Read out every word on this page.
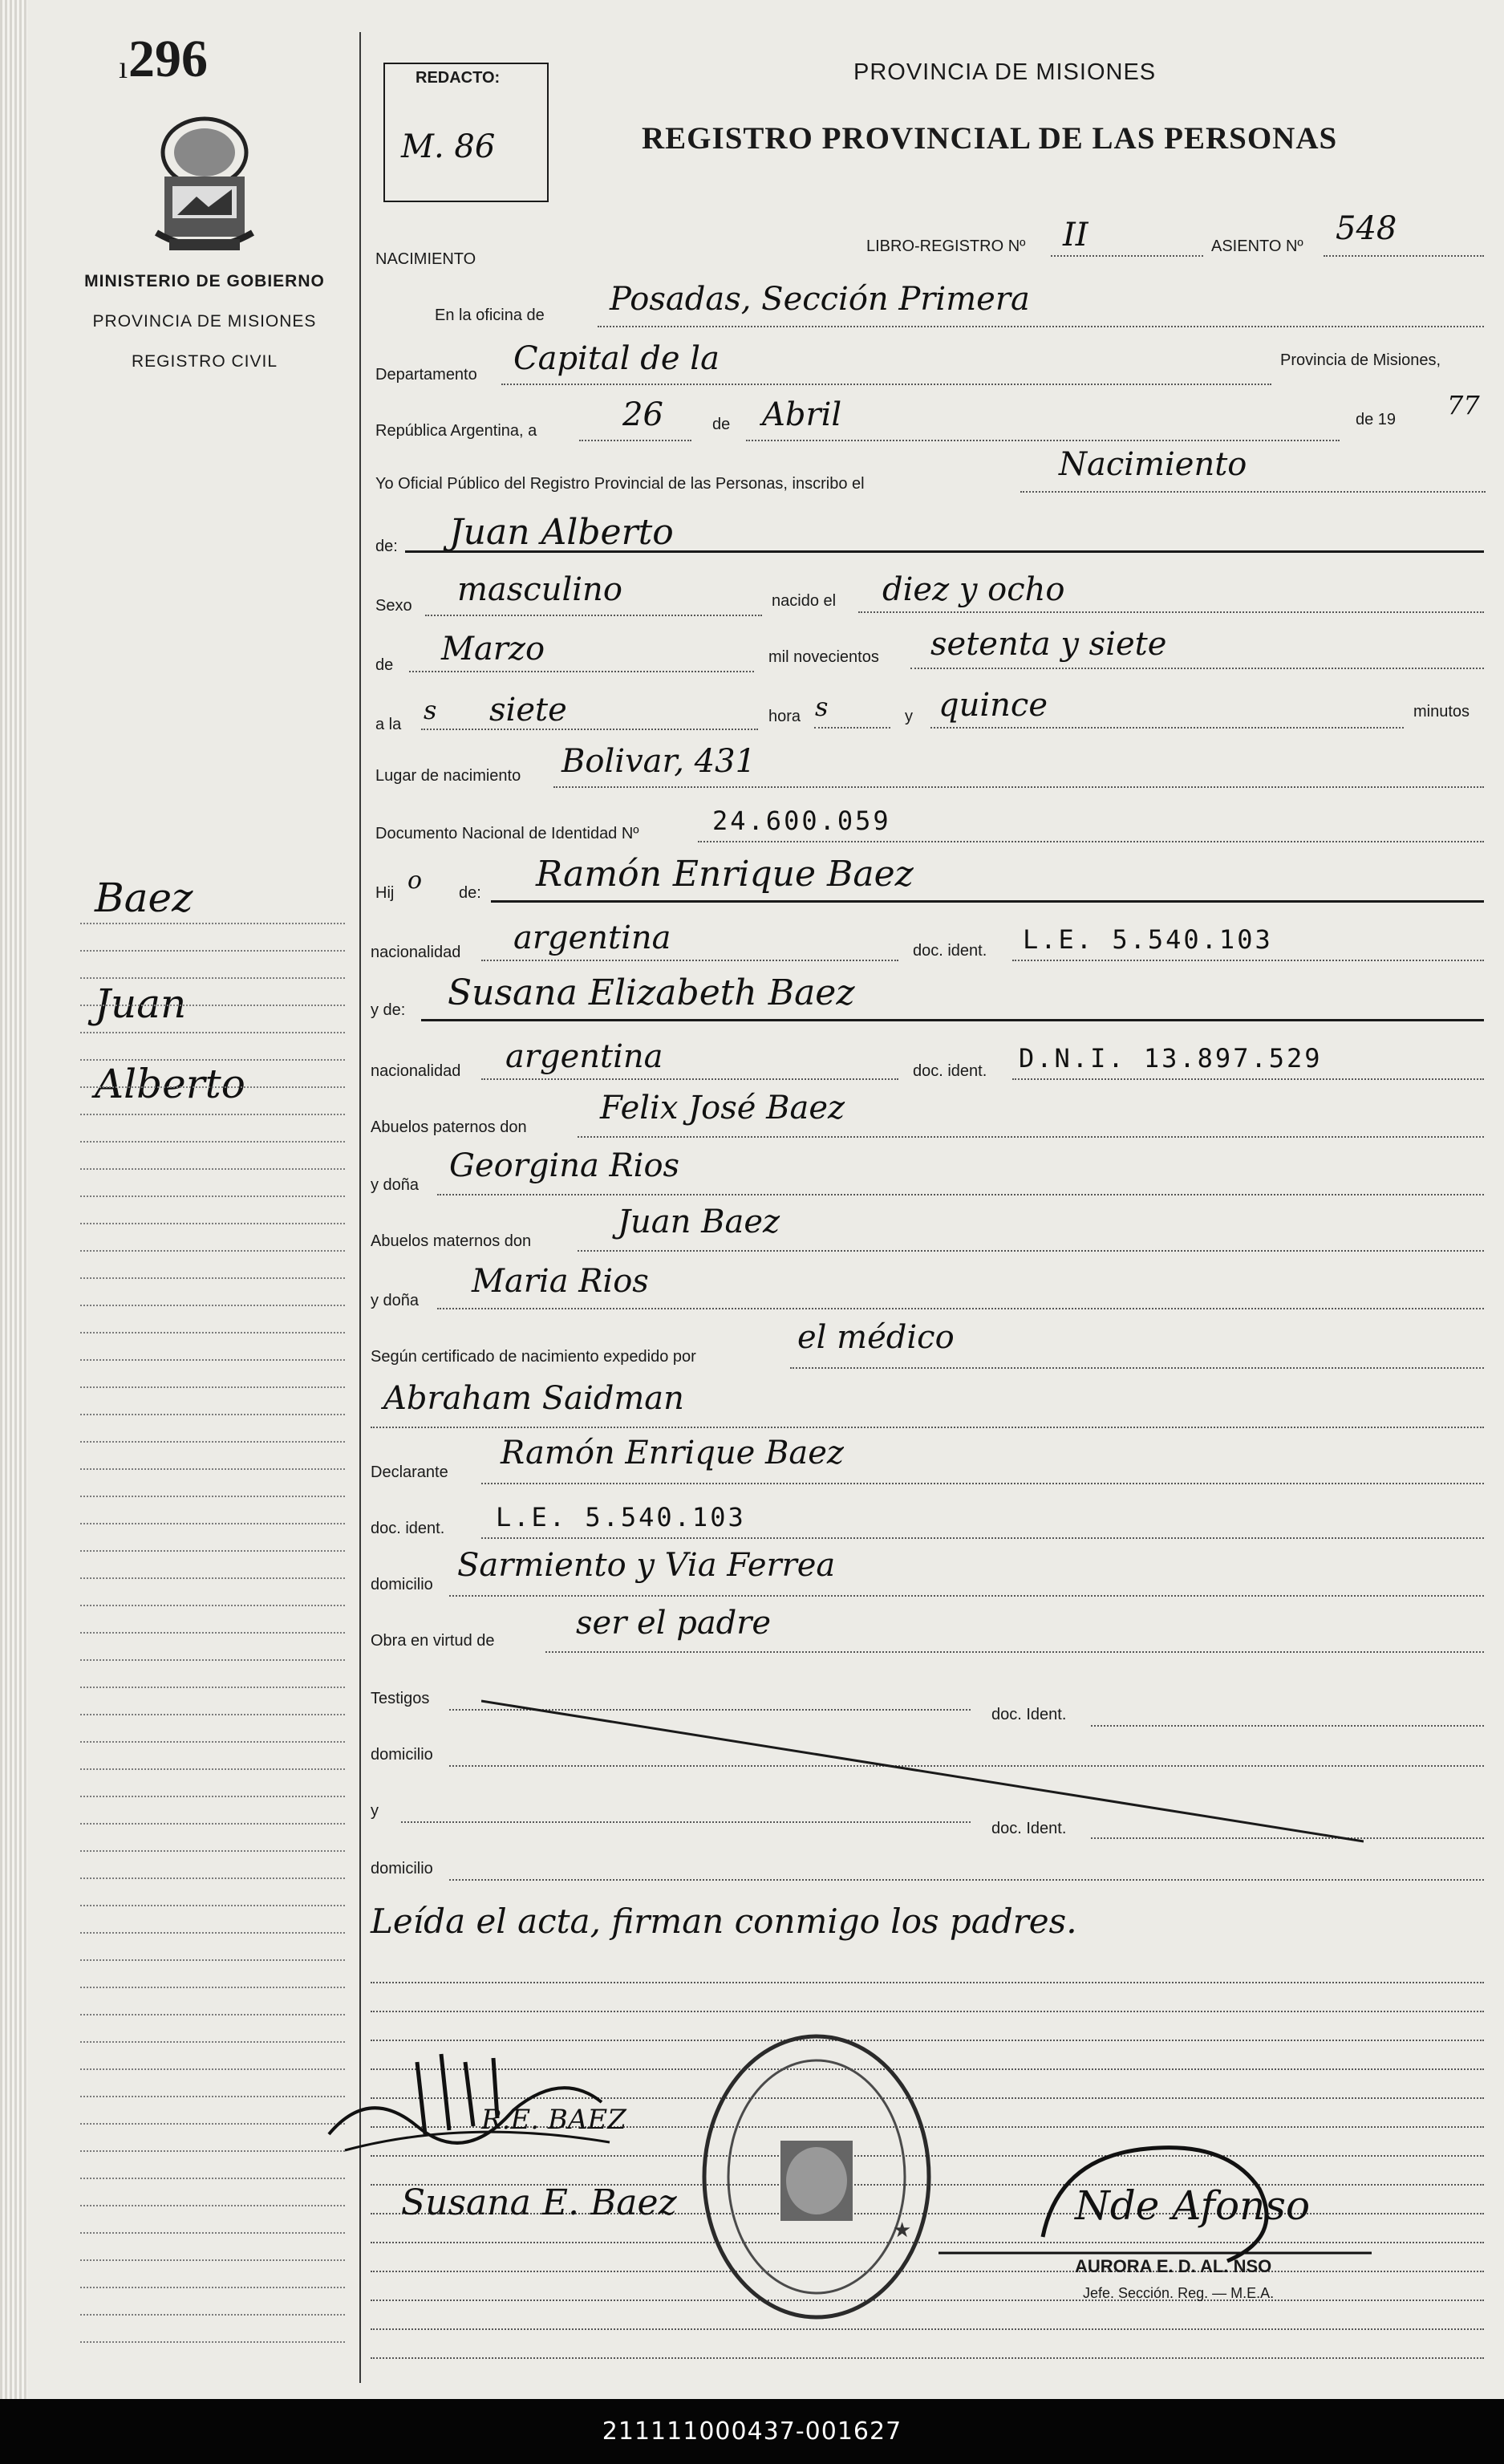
ı 296
MINISTERIO DE GOBIERNO
PROVINCIA DE MISIONES
REGISTRO CIVIL
Baez
Juan
Alberto
REDACTO:
M. 86
PROVINCIA DE MISIONES
REGISTRO PROVINCIAL DE LAS PERSONAS
NACIMIENTO
LIBRO-REGISTRO Nº II	ASIENTO Nº 548
En la oficina de Posadas, Sección Primera
Departamento Capital de la	Provincia de Misiones,
República Argentina, a	26	de Abril	de 19 77
Yo Oficial Público del Registro Provincial de las Personas, inscribo el
Nacimiento
de: Juan Alberto
Sexo masculino	nacido el diez y ocho
de Marzo	mil novecientos setenta y siete
a la s siete	hora s	y quince	minutos
Lugar de nacimiento Bolivar, 431
Documento Nacional de Identidad Nº	24.600.059
Hij o de: Ramón Enrique Baez
nacionalidad argentina	doc. ident. L.E. 5.540.103
y de: Susana Elizabeth Baez
nacionalidad argentina	doc. ident. D.N.I. 13.897.529
Abuelos paternos don
Felix José Baez
y doña
Georgina Rios
Abuelos maternos don
Juan Baez
y doña
Maria Rios
Según certificado de nacimiento expedido por
el médico
Abraham Saidman
Declarante
Ramón Enrique Baez
doc. ident. L.E. 5.540.103
domicilio
Sarmiento y Via Ferrea
Obra en virtud de	ser el padre
Testigos
doc. Ident.
domicilio
y
doc. Ident.
domicilio
Leída el acta, firman conmigo los padres.
R.E. BAEZ
Susana E. Baez
★
Nde Afonso
AURORA E. D. AL. NSO
Jefe. Sección. Reg. — M.E.A.
211111000437-001627
